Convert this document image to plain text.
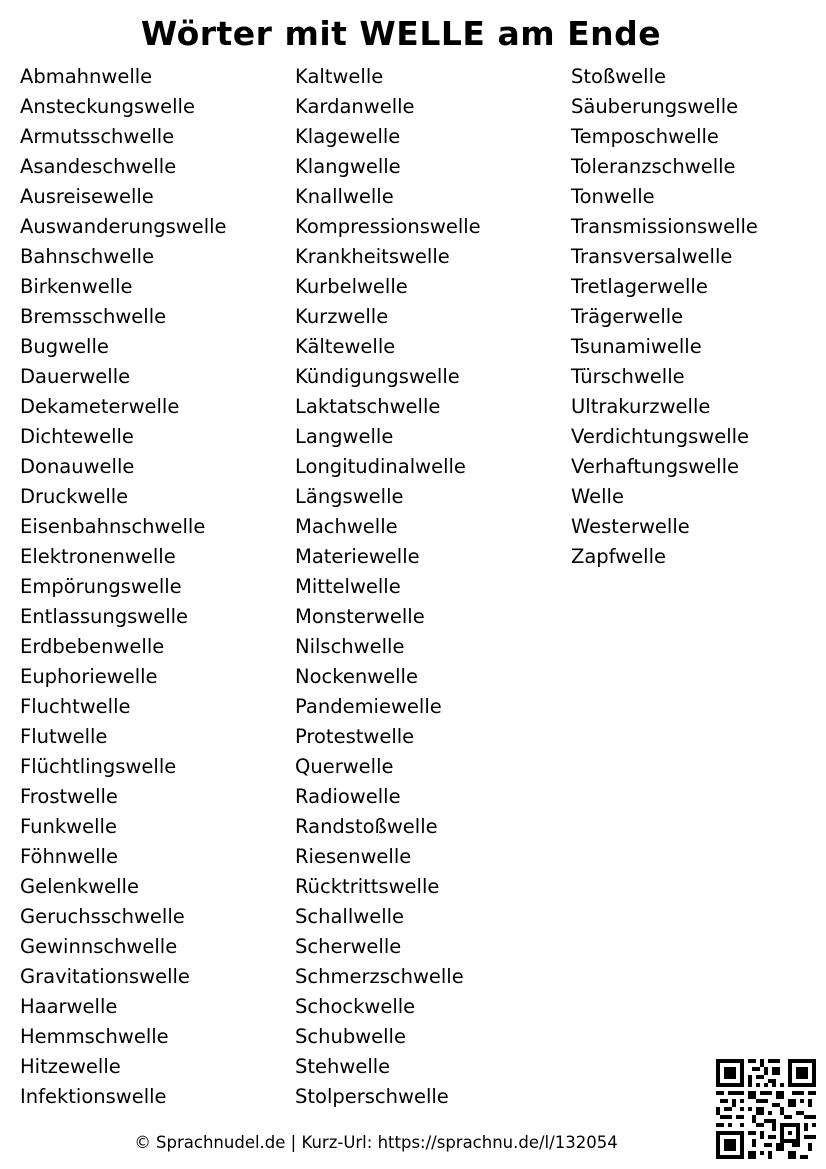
Wörter mit WELLE am Ende
Abmahnwelle
Ansteckungswelle
Armutsschwelle
Asandeschwelle
Ausreisewelle
Auswanderungswelle
Bahnschwelle
Birkenwelle
Bremsschwelle
Bugwelle
Dauerwelle
Dekameterwelle
Dichtewelle
Donauwelle
Druckwelle
Eisenbahnschwelle
Elektronenwelle
Empörungswelle
Entlassungswelle
Erdbebenwelle
Euphoriewelle
Fluchtwelle
Flutwelle
Flüchtlingswelle
Frostwelle
Funkwelle
Föhnwelle
Gelenkwelle
Geruchsschwelle
Gewinnschwelle
Gravitationswelle
Haarwelle
Hemmschwelle
Hitzewelle
Infektionswelle
Kaltwelle
Kardanwelle
Klagewelle
Klangwelle
Knallwelle
Kompressionswelle
Krankheitswelle
Kurbelwelle
Kurzwelle
Kältewelle
Kündigungswelle
Laktatschwelle
Langwelle
Longitudinalwelle
Längswelle
Machwelle
Materiewelle
Mittelwelle
Monsterwelle
Nilschwelle
Nockenwelle
Pandemiewelle
Protestwelle
Querwelle
Radiowelle
Randstoßwelle
Riesenwelle
Rücktrittswelle
Schallwelle
Scherwelle
Schmerzschwelle
Schockwelle
Schubwelle
Stehwelle
Stolperschwelle
Stoßwelle
Säuberungswelle
Temposchwelle
Toleranzschwelle
Tonwelle
Transmissionswelle
Transversalwelle
Tretlagerwelle
Trägerwelle
Tsunamiwelle
Türschwelle
Ultrakurzwelle
Verdichtungswelle
Verhaftungswelle
Welle
Westerwelle
Zapfwelle
© Sprachnudel.de | Kurz-Url: https://sprachnu.de/l/132054
